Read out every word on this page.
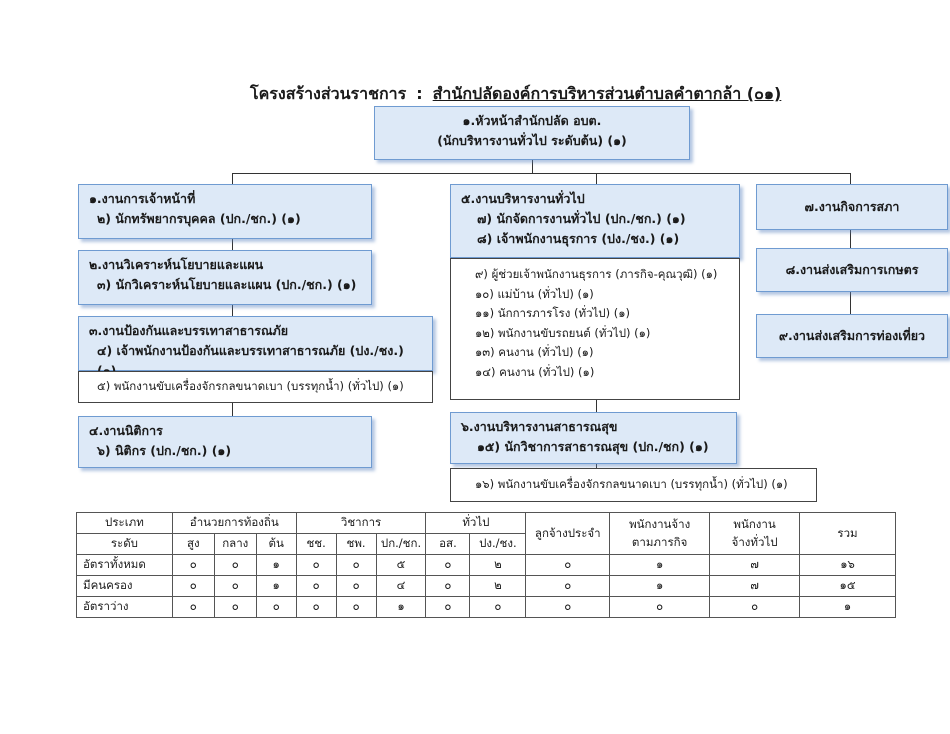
โครงสร้างส่วนราชการ : สำนักปลัดองค์การบริหารส่วนตำบลคำตากล้า (๐๑)
๑.หัวหน้าสำนักปลัด อบต.
(นักบริหารงานทั่วไป ระดับต้น) (๑)
๑.งานการเจ้าหน้าที่
๒) นักทรัพยากรบุคคล (ปก./ชก.) (๑)
๒.งานวิเคราะห์นโยบายและแผน
๓) นักวิเคราะห์นโยบายและแผน (ปก./ชก.) (๑)
๓.งานป้องกันและบรรเทาสาธารณภัย
๔) เจ้าพนักงานป้องกันและบรรเทาสาธารณภัย (ปง./ชง.)
๕) พนักงานขับเครื่องจักรกลขนาดเบา (บรรทุกน้ำ) (ทั่วไป) (๑)
๔.งานนิติการ
๖) นิติกร (ปก./ชก.) (๑)
๕.งานบริหารงานทั่วไป
๗) นักจัดการงานทั่วไป (ปก./ชก.) (๑)
๘) เจ้าพนักงานธุรการ (ปง./ชง.) (๑)
๙) ผู้ช่วยเจ้าพนักงานธุรการ (ภารกิจ-คุณวุฒิ) (๑)
๑๐) แม่บ้าน (ทั่วไป) (๑)
๑๑) นักการภารโรง (ทั่วไป) (๑)
๑๒) พนักงานขับรถยนต์ (ทั่วไป) (๑)
๑๓) คนงาน (ทั่วไป) (๑)
๑๔) คนงาน (ทั่วไป) (๑)
๖.งานบริหารงานสาธารณสุข
๑๕) นักวิชาการสาธารณสุข (ปก./ชก) (๑)
๑๖) พนักงานขับเครื่องจักรกลขนาดเบา (บรรทุกน้ำ) (ทั่วไป) (๑)
๗.งานกิจการสภา
๘.งานส่งเสริมการเกษตร
๙.งานส่งเสริมการท่องเที่ยว
ประเภท	อำนวยการท้องถิ่น			วิชาการ			ทั่วไป		ลูกจ้างประจำ	พนักงานจ้างตามภารกิจ	พนักงานจ้างทั่วไป	รวม
ระดับ	สูง	กลาง	ต้น	ชช.	ชพ.	ปก./ชก.	อส.	ปง./ชง.				
อัตราทั้งหมด	๐	๐	๑	๐	๐	๕	๐	๒	๐	๑	๗	๑๖
มีคนครอง	๐	๐	๑	๐	๐	๔	๐	๒	๐	๑	๗	๑๕
อัตราว่าง	๐	๐	๐	๐	๐	๑	๐	๐	๐	๐	๐	๑
